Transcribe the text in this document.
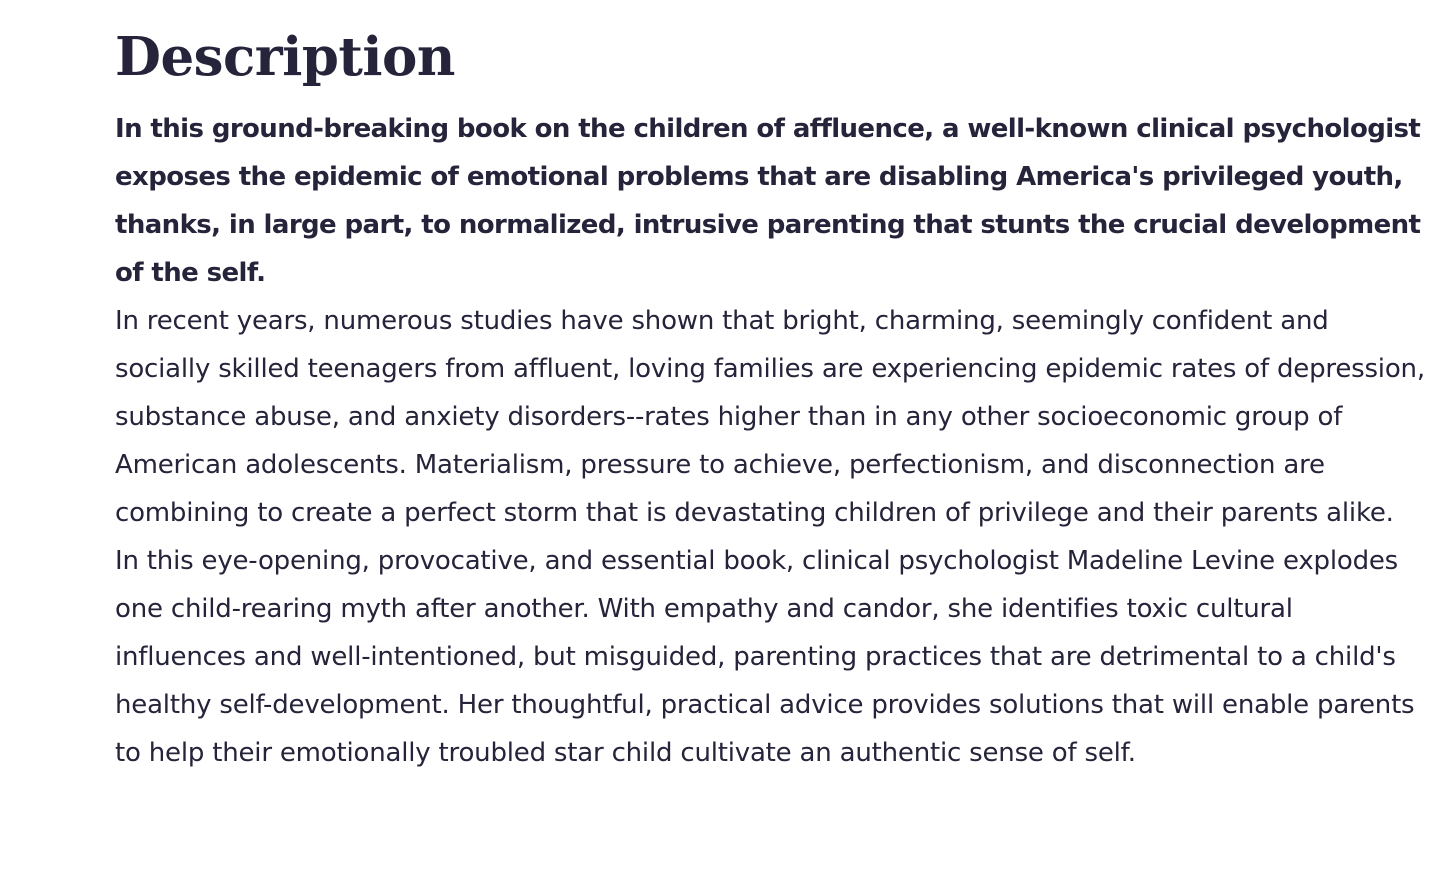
Description

In this ground-breaking book on the children of affluence, a well-known clinical psychologist exposes the epidemic of emotional problems that are disabling America's privileged youth, thanks, in large part, to normalized, intrusive parenting that stunts the crucial development of the self.

In recent years, numerous studies have shown that bright, charming, seemingly confident and socially skilled teenagers from affluent, loving families are experiencing epidemic rates of depression, substance abuse, and anxiety disorders--rates higher than in any other socioeconomic group of American adolescents. Materialism, pressure to achieve, perfectionism, and disconnection are combining to create a perfect storm that is devastating children of privilege and their parents alike.

In this eye-opening, provocative, and essential book, clinical psychologist Madeline Levine explodes one child-rearing myth after another. With empathy and candor, she identifies toxic cultural influences and well-intentioned, but misguided, parenting practices that are detrimental to a child's healthy self-development. Her thoughtful, practical advice provides solutions that will enable parents to help their emotionally troubled star child cultivate an authentic sense of self.
